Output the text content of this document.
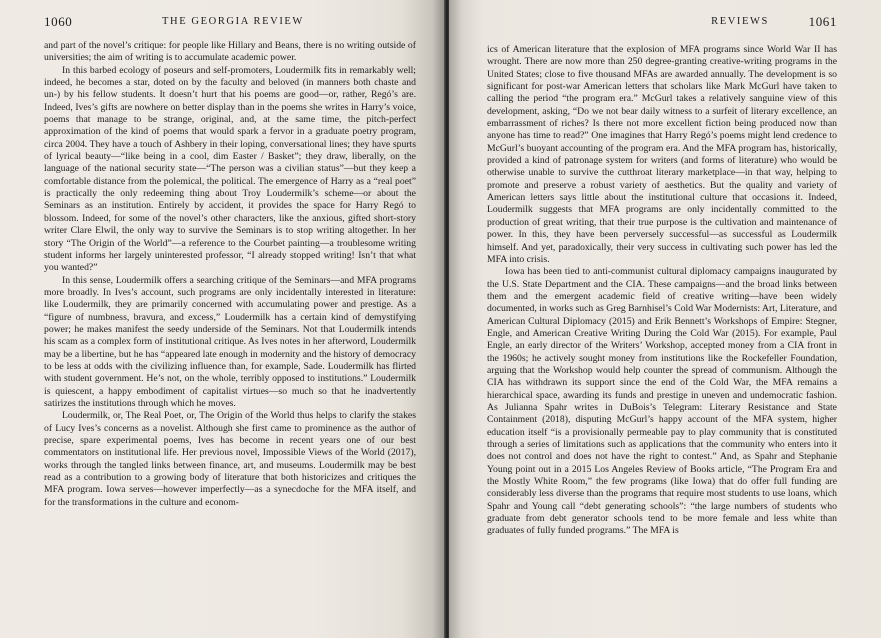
1060	THE GEORGIA REVIEW

and part of the novel’s critique: for people like Hillary and Beans, there is no writing outside of universities; the aim of writing is to accumulate academic power.

In this barbed ecology of poseurs and self-promoters, Loudermilk fits in remarkably well; indeed, he becomes a star, doted on by the faculty and beloved (in manners both chaste and un-) by his fellow students. It doesn’t hurt that his poems are good—or, rather, Regó’s are. Indeed, Ives’s gifts are nowhere on better display than in the poems she writes in Harry’s voice, poems that manage to be strange, original, and, at the same time, the pitch-perfect approximation of the kind of poems that would spark a fervor in a graduate poetry program, circa 2004. They have a touch of Ashbery in their loping, conversational lines; they have spurts of lyrical beauty—“like being in a cool, dim Easter / Basket”; they draw, liberally, on the language of the national security state—“The person was a civilian status”—but they keep a comfortable distance from the polemical, the political. The emergence of Harry as a “real poet” is practically the only redeeming thing about Troy Loudermilk’s scheme—or about the Seminars as an institution. Entirely by accident, it provides the space for Harry Regó to blossom. Indeed, for some of the novel’s other characters, like the anxious, gifted short-story writer Clare Elwil, the only way to survive the Seminars is to stop writing altogether. In her story “The Origin of the World”—a reference to the Courbet painting—a troublesome writing student informs her largely uninterested professor, “I already stopped writing! Isn’t that what you wanted?”

In this sense, Loudermilk offers a searching critique of the Seminars—and MFA programs more broadly. In Ives’s account, such programs are only incidentally interested in literature: like Loudermilk, they are primarily concerned with accumulating power and prestige. As a “figure of numbness, bravura, and excess,” Loudermilk has a certain kind of demystifying power; he makes manifest the seedy underside of the Seminars. Not that Loudermilk intends his scam as a complex form of institutional critique. As Ives notes in her afterword, Loudermilk may be a libertine, but he has “appeared late enough in modernity and the history of democracy to be less at odds with the civilizing influence than, for example, Sade. Loudermilk has flirted with student government. He’s not, on the whole, terribly opposed to institutions.” Loudermilk is quiescent, a happy embodiment of capitalist virtues—so much so that he inadvertently satirizes the institutions through which he moves.

Loudermilk, or, The Real Poet, or, The Origin of the World thus helps to clarify the stakes of Lucy Ives’s concerns as a novelist. Although she first came to prominence as the author of precise, spare experimental poems, Ives has become in recent years one of our best commentators on institutional life. Her previous novel, Impossible Views of the World (2017), works through the tangled links between finance, art, and museums. Loudermilk may be best read as a contribution to a growing body of literature that both historicizes and critiques the MFA program. Iowa serves—however imperfectly—as a synecdoche for the MFA itself, and for the transformations in the culture and econom-

REVIEWS	1061

ics of American literature that the explosion of MFA programs since World War II has wrought. There are now more than 250 degree-granting creative-writing programs in the United States; close to five thousand MFAs are awarded annually. The development is so significant for post-war American letters that scholars like Mark McGurl have taken to calling the period “the program era.” McGurl takes a relatively sanguine view of this development, asking, “Do we not bear daily witness to a surfeit of literary excellence, an embarrassment of riches? Is there not more excellent fiction being produced now than anyone has time to read?” One imagines that Harry Regó’s poems might lend credence to McGurl’s buoyant accounting of the program era. And the MFA program has, historically, provided a kind of patronage system for writers (and forms of literature) who would be otherwise unable to survive the cutthroat literary marketplace—in that way, helping to promote and preserve a robust variety of aesthetics. But the quality and variety of American letters says little about the institutional culture that occasions it. Indeed, Loudermilk suggests that MFA programs are only incidentally committed to the production of great writing, that their true purpose is the cultivation and maintenance of power. In this, they have been perversely successful—as successful as Loudermilk himself. And yet, paradoxically, their very success in cultivating such power has led the MFA into crisis.

Iowa has been tied to anti-communist cultural diplomacy campaigns inaugurated by the U.S. State Department and the CIA. These campaigns—and the broad links between them and the emergent academic field of creative writing—have been widely documented, in works such as Greg Barnhisel’s Cold War Modernists: Art, Literature, and American Cultural Diplomacy (2015) and Erik Bennett’s Workshops of Empire: Stegner, Engle, and American Creative Writing During the Cold War (2015). For example, Paul Engle, an early director of the Writers’ Workshop, accepted money from a CIA front in the 1960s; he actively sought money from institutions like the Rockefeller Foundation, arguing that the Workshop would help counter the spread of communism. Although the CIA has withdrawn its support since the end of the Cold War, the MFA remains a hierarchical space, awarding its funds and prestige in uneven and undemocratic fashion. As Julianna Spahr writes in DuBois’s Telegram: Literary Resistance and State Containment (2018), disputing McGurl’s happy account of the MFA system, higher education itself “is a provisionally permeable pay to play community that is constituted through a series of limitations such as applications that the community who enters into it does not control and does not have the right to contest.” And, as Spahr and Stephanie Young point out in a 2015 Los Angeles Review of Books article, “The Program Era and the Mostly White Room,” the few programs (like Iowa) that do offer full funding are considerably less diverse than the programs that require most students to use loans, which Spahr and Young call “debt generating schools”: “the large numbers of students who graduate from debt generator schools tend to be more female and less white than graduates of fully funded programs.” The MFA is
